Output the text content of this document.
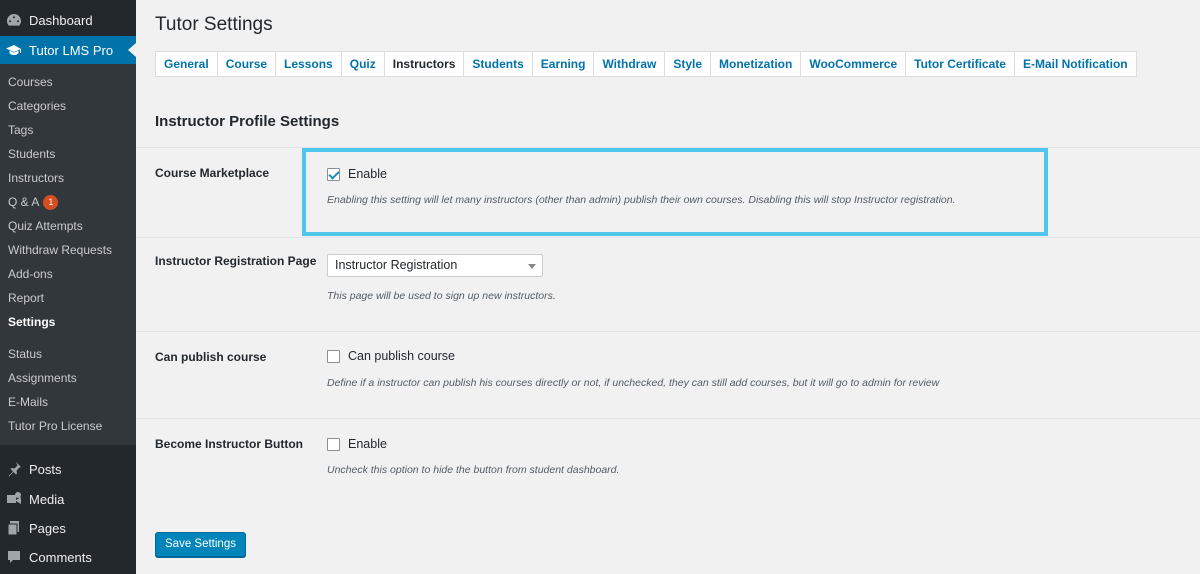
Dashboard
Tutor LMS Pro
Courses
Categories
Tags
Students
Instructors
Q & A 1
Quiz Attempts
Withdraw Requests
Add-ons
Report
Settings
Status
Assignments
E-Mails
Tutor Pro License
Posts
Media
Pages
Comments
Tutor Settings
General	Course	Lessons	Quiz	Instructors	Students	Earning	Withdraw	Style	Monetization	WooCommerce	Tutor Certificate	E-Mail Notification
Instructor Profile Settings
Course Marketplace	Enable
Enabling this setting will let many instructors (other than admin) publish their own courses. Disabling this will stop Instructor registration.
Instructor Registration Page	Instructor Registration
This page will be used to sign up new instructors.
Can publish course	Can publish course
Define if a instructor can publish his courses directly or not, if unchecked, they can still add courses, but it will go to admin for review
Become Instructor Button	Enable
Uncheck this option to hide the button from student dashboard.
Save Settings
